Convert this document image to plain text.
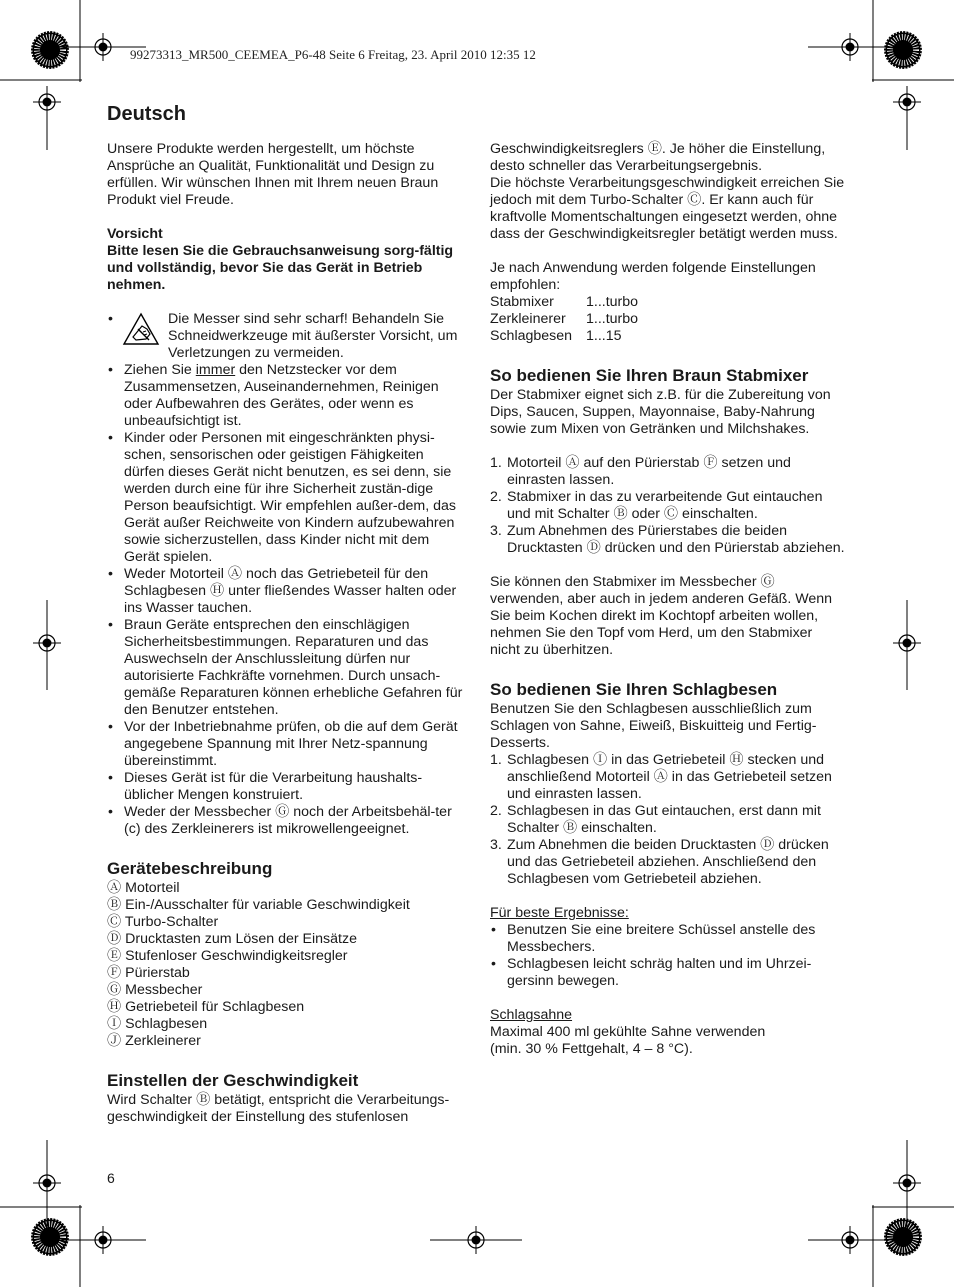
99273313_MR500_CEEMEA_P6-48 Seite 6 Freitag, 23. April 2010 12:35 12
Deutsch

Unsere Produkte werden hergestellt, um höchste Ansprüche an Qualität, Funktionalität und Design zu erfüllen. Wir wünschen Ihnen mit Ihrem neuen Braun Produkt viel Freude.

Vorsicht

Bitte lesen Sie die Gebrauchsanweisung sorg-fältig und vollständig, bevor Sie das Gerät in Betrieb nehmen.

• Die Messer sind sehr scharf! Behandeln Sie Schneidwerkzeuge mit äußerster Vorsicht, um Verletzungen zu vermeiden.
• Ziehen Sie immer den Netzstecker vor dem Zusammensetzen, Auseinandernehmen, Reinigen oder Aufbewahren des Gerätes, oder wenn es unbeaufsichtigt ist.
• Kinder oder Personen mit eingeschränkten physi-schen, sensorischen oder geistigen Fähigkeiten dürfen dieses Gerät nicht benutzen, es sei denn, sie werden durch eine für ihre Sicherheit zustän-dige Person beaufsichtigt. Wir empfehlen außer-dem, das Gerät außer Reichweite von Kindern aufzubewahren sowie sicherzustellen, dass Kinder nicht mit dem Gerät spielen.
• Weder Motorteil Ⓐ noch das Getriebeteil für den Schlagbesen Ⓗ unter fließendes Wasser halten oder ins Wasser tauchen.
• Braun Geräte entsprechen den einschlägigen Sicherheitsbestimmungen. Reparaturen und das Auswechseln der Anschlussleitung dürfen nur autorisierte Fachkräfte vornehmen. Durch unsach-gemäße Reparaturen können erhebliche Gefahren für den Benutzer entstehen.
• Vor der Inbetriebnahme prüfen, ob die auf dem Gerät angegebene Spannung mit Ihrer Netz-spannung übereinstimmt.
• Dieses Gerät ist für die Verarbeitung haushalts-üblicher Mengen konstruiert.
• Weder der Messbecher Ⓖ noch der Arbeitsbehäl-ter (c) des Zerkleinerers ist mikrowellengeeignet.
Gerätebeschreibung

Ⓐ Motorteil

Ⓑ Ein-/Ausschalter für variable Geschwindigkeit

Ⓒ Turbo-Schalter

Ⓓ Drucktasten zum Lösen der Einsätze

Ⓔ Stufenloser Geschwindigkeitsregler

Ⓕ Pürierstab

Ⓖ Messbecher

Ⓗ Getriebeteil für Schlagbesen

Ⓘ Schlagbesen

Ⓙ Zerkleinerer

Einstellen der Geschwindigkeit

Wird Schalter Ⓑ betätigt, entspricht die Verarbeitungs-geschwindigkeit der Einstellung des stufenlosen

Geschwindigkeitsreglers Ⓔ. Je höher die Einstellung, desto schneller das Verarbeitungsergebnis.

Die höchste Verarbeitungsgeschwindigkeit erreichen Sie jedoch mit dem Turbo-Schalter Ⓒ. Er kann auch für kraftvolle Momentschaltungen eingesetzt werden, ohne dass der Geschwindigkeitsregler betätigt werden muss.

Je nach Anwendung werden folgende Einstellungen empfohlen:

Stabmixer	1...turbo
Zerkleinerer	1...turbo
Schlagbesen 1...15
So bedienen Sie Ihren Braun Stabmixer

Der Stabmixer eignet sich z.B. für die Zubereitung von Dips, Saucen, Suppen, Mayonnaise, Baby-Nahrung sowie zum Mixen von Getränken und Milchshakes.

1. Motorteil Ⓐ auf den Pürierstab Ⓕ setzen und einrasten lassen.
2. Stabmixer in das zu verarbeitende Gut eintauchen und mit Schalter Ⓑ oder Ⓒ einschalten.
3. Zum Abnehmen des Pürierstabes die beiden Drucktasten Ⓓ drücken und den Pürierstab abziehen.

Sie können den Stabmixer im Messbecher Ⓖ verwenden, aber auch in jedem anderen Gefäß. Wenn Sie beim Kochen direkt im Kochtopf arbeiten wollen, nehmen Sie den Topf vom Herd, um den Stabmixer nicht zu überhitzen.

So bedienen Sie Ihren Schlagbesen

Benutzen Sie den Schlagbesen ausschließlich zum Schlagen von Sahne, Eiweiß, Biskuitteig und Fertig-Desserts.

1. Schlagbesen Ⓘ in das Getriebeteil Ⓗ stecken und anschließend Motorteil Ⓐ in das Getriebeteil setzen und einrasten lassen.
2. Schlagbesen in das Gut eintauchen, erst dann mit Schalter Ⓑ einschalten.
3. Zum Abnehmen die beiden Drucktasten Ⓓ drücken und das Getriebeteil abziehen. Anschließend den Schlagbesen vom Getriebeteil abziehen.

Für beste Ergebnisse:

• Benutzen Sie eine breitere Schüssel anstelle des Messbechers.
• Schlagbesen leicht schräg halten und im Uhrzei-gersinn bewegen.

Schlagsahne

Maximal 400 ml gekühlte Sahne verwenden

(min. 30 % Fettgehalt, 4 – 8 °C).

6
